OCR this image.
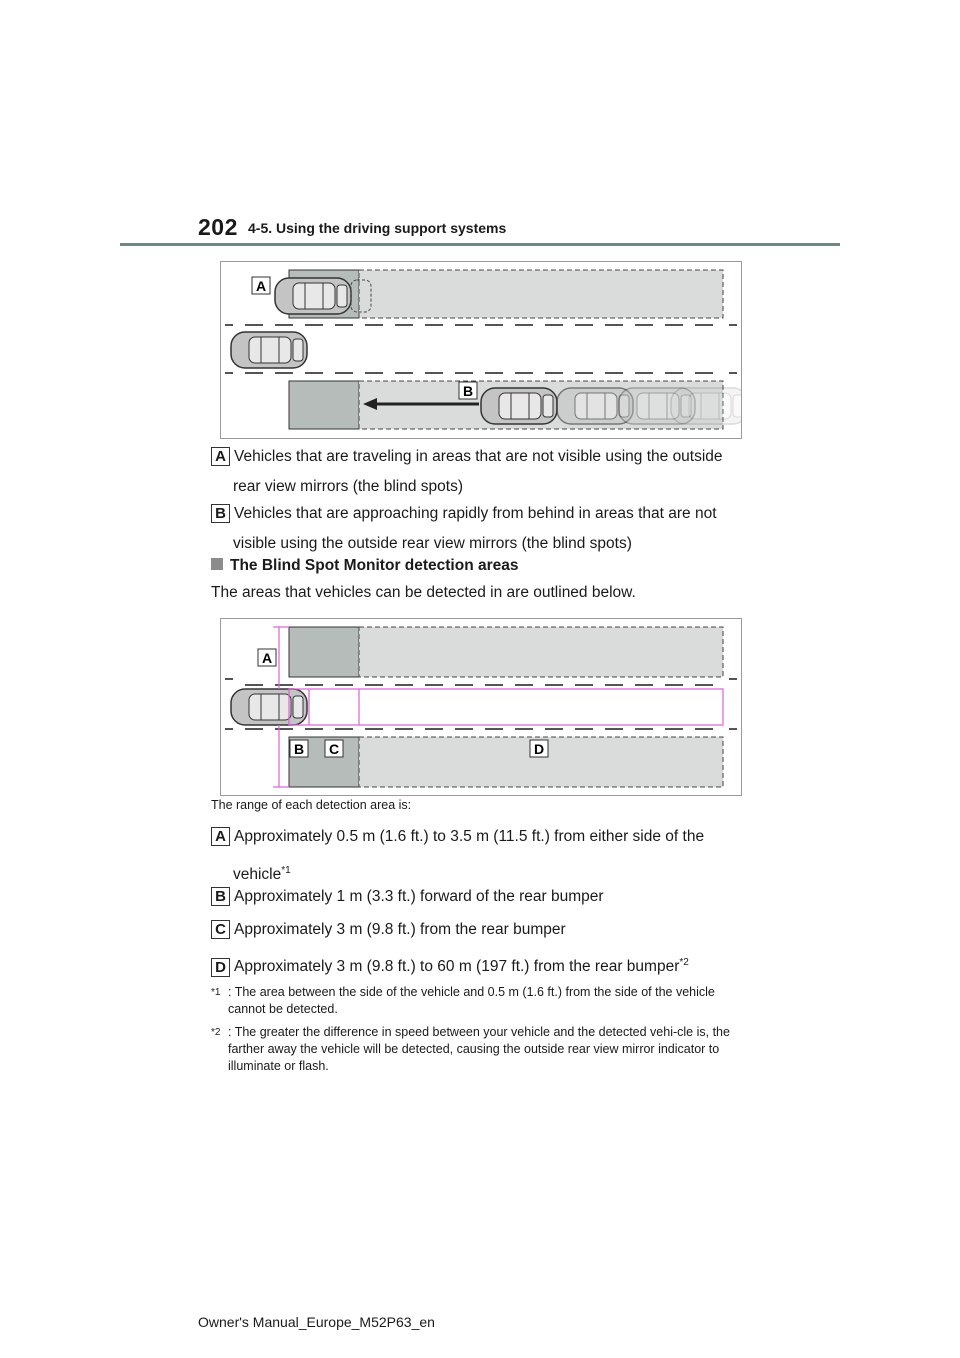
202 4-5. Using the driving support systems
A
B
A Vehicles that are traveling in areas that are not visible using the outside
rear view mirrors (the blind spots)
B Vehicles that are approaching rapidly from behind in areas that are not
visible using the outside rear view mirrors (the blind spots)
The Blind Spot Monitor detection areas
The areas that vehicles can be detected in are outlined below.
A
B C	D
The range of each detection area is:
A Approximately 0.5 m (1.6 ft.) to 3.5 m (11.5 ft.) from either side of the
vehicle$^{*1}$
B Approximately 1 m (3.3 ft.) forward of the rear bumper
C Approximately 3 m (9.8 ft.) from the rear bumper
D Approximately 3 m (9.8 ft.) to 60 m (197 ft.) from the rear bumper$^{*2}$
*1 : The area between the side of the vehicle and 0.5 m (1.6 ft.) from the side of the vehicle cannot be detected.
*2 : The greater the difference in speed between your vehicle and the detected vehi-cle is, the farther away the vehicle will be detected, causing the outside rear view mirror indicator to illuminate or flash.
Owner's Manual_Europe_M52P63_en
